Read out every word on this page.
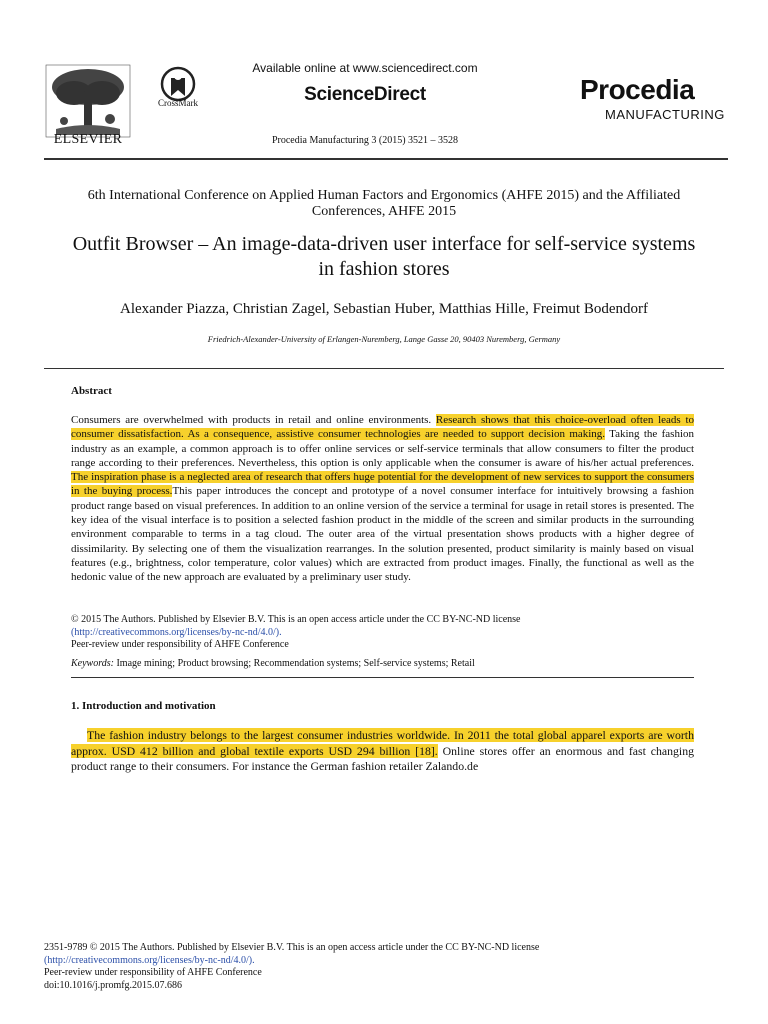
ELSEVIER
CrossMark
Available online at www.sciencedirect.com
ScienceDirect
Procedia Manufacturing 3 (2015) 3521 – 3528
Procedia
MANUFACTURING
6th International Conference on Applied Human Factors and Ergonomics (AHFE 2015) and the Affiliated Conferences, AHFE 2015
Outfit Browser – An image-data-driven user interface for self-service systems in fashion stores
Alexander Piazza, Christian Zagel, Sebastian Huber, Matthias Hille, Freimut Bodendorf
Friedrich-Alexander-University of Erlangen-Nuremberg, Lange Gasse 20, 90403 Nuremberg, Germany
Abstract
Consumers are overwhelmed with products in retail and online environments. Research shows that this choice-overload often leads to consumer dissatisfaction. As a consequence, assistive consumer technologies are needed to support decision making. Taking the fashion industry as an example, a common approach is to offer online services or self-service terminals that allow consumers to filter the product range according to their preferences. Nevertheless, this option is only applicable when the consumer is aware of his/her actual preferences. The inspiration phase is a neglected area of research that offers huge potential for the development of new services to support the consumers in the buying process.This paper introduces the concept and prototype of a novel consumer interface for intuitively browsing a fashion product range based on visual preferences. In addition to an online version of the service a terminal for usage in retail stores is presented. The key idea of the visual interface is to position a selected fashion product in the middle of the screen and similar products in the surrounding environment comparable to terms in a tag cloud. The outer area of the virtual presentation shows products with a higher degree of dissimilarity. By selecting one of them the visualization rearranges. In the solution presented, product similarity is mainly based on visual features (e.g., brightness, color temperature, color values) which are extracted from product images. Finally, the functional as well as the hedonic value of the new approach are evaluated by a preliminary user study.
© 2015 The Authors. Published by Elsevier B.V. This is an open access article under the CC BY-NC-ND license
(http://creativecommons.org/licenses/by-nc-nd/4.0/).
Peer-review under responsibility of AHFE Conference
Keywords: Image mining; Product browsing; Recommendation systems; Self-service systems; Retail
1. Introduction and motivation
The fashion industry belongs to the largest consumer industries worldwide. In 2011 the total global apparel exports are worth approx. USD 412 billion and global textile exports USD 294 billion [18]. Online stores offer an enormous and fast changing product range to their consumers. For instance the German fashion retailer Zalando.de
2351-9789 © 2015 The Authors. Published by Elsevier B.V. This is an open access article under the CC BY-NC-ND license
(http://creativecommons.org/licenses/by-nc-nd/4.0/).
Peer-review under responsibility of AHFE Conference
doi:10.1016/j.promfg.2015.07.686
